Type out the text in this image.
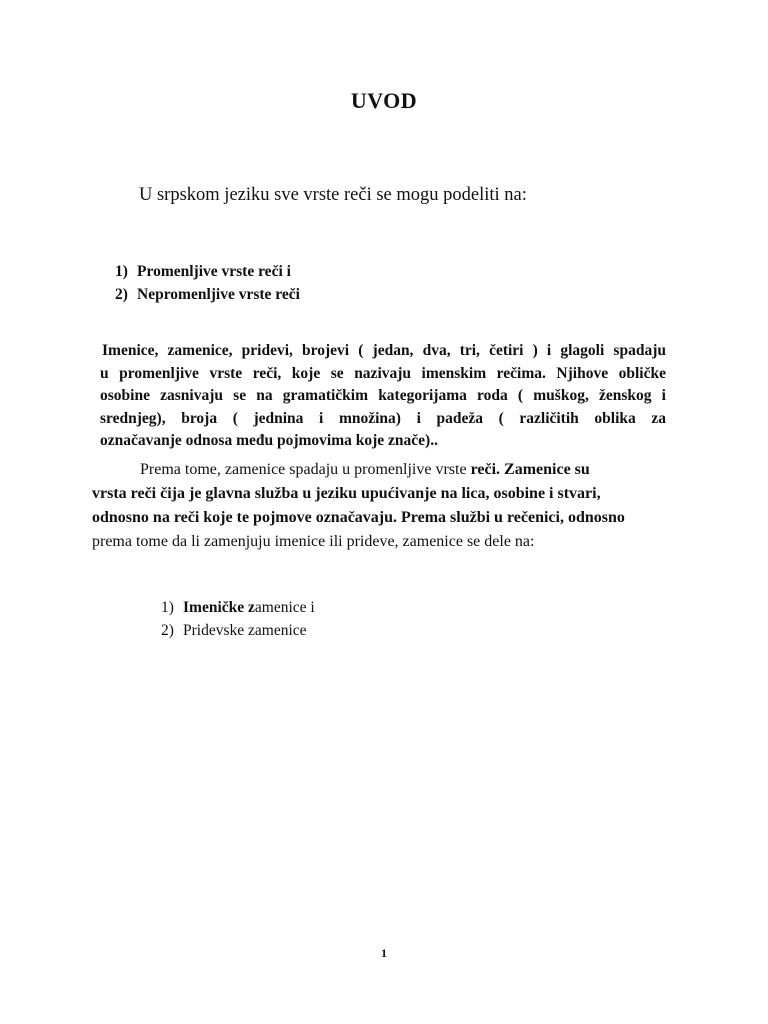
UVOD
U srpskom jeziku sve vrste reči se mogu podeliti na:
1) Promenljive vrste reči i
2) Nepromenljive vrste reči

Imenice, zamenice, pridevi, brojevi ( jedan, dva, tri, četiri ) i glagoli spadaju
u promenljive vrste reči, koje se nazivaju imenskim rečima. Njihove obličke
osobine zasnivaju se na gramatičkim kategorijama roda ( muškog, ženskog i
srednjeg), broja ( jednina i množina) i padeža ( različitih oblika za
označavanje odnosa među pojmovima koje znače)..

Prema tome, zamenice spadaju u promenljive vrste reči. Zamenice su
vrsta reči čija je glavna služba u jeziku upućivanje na lica, osobine i stvari,
odnosno na reči koje te pojmove označavaju. Prema službi u rečenici, odnosno
prema tome da li zamenjuju imenice ili prideve, zamenice se dele na:

1) Imeničke zamenice i
2) Pridevske zamenice
1
